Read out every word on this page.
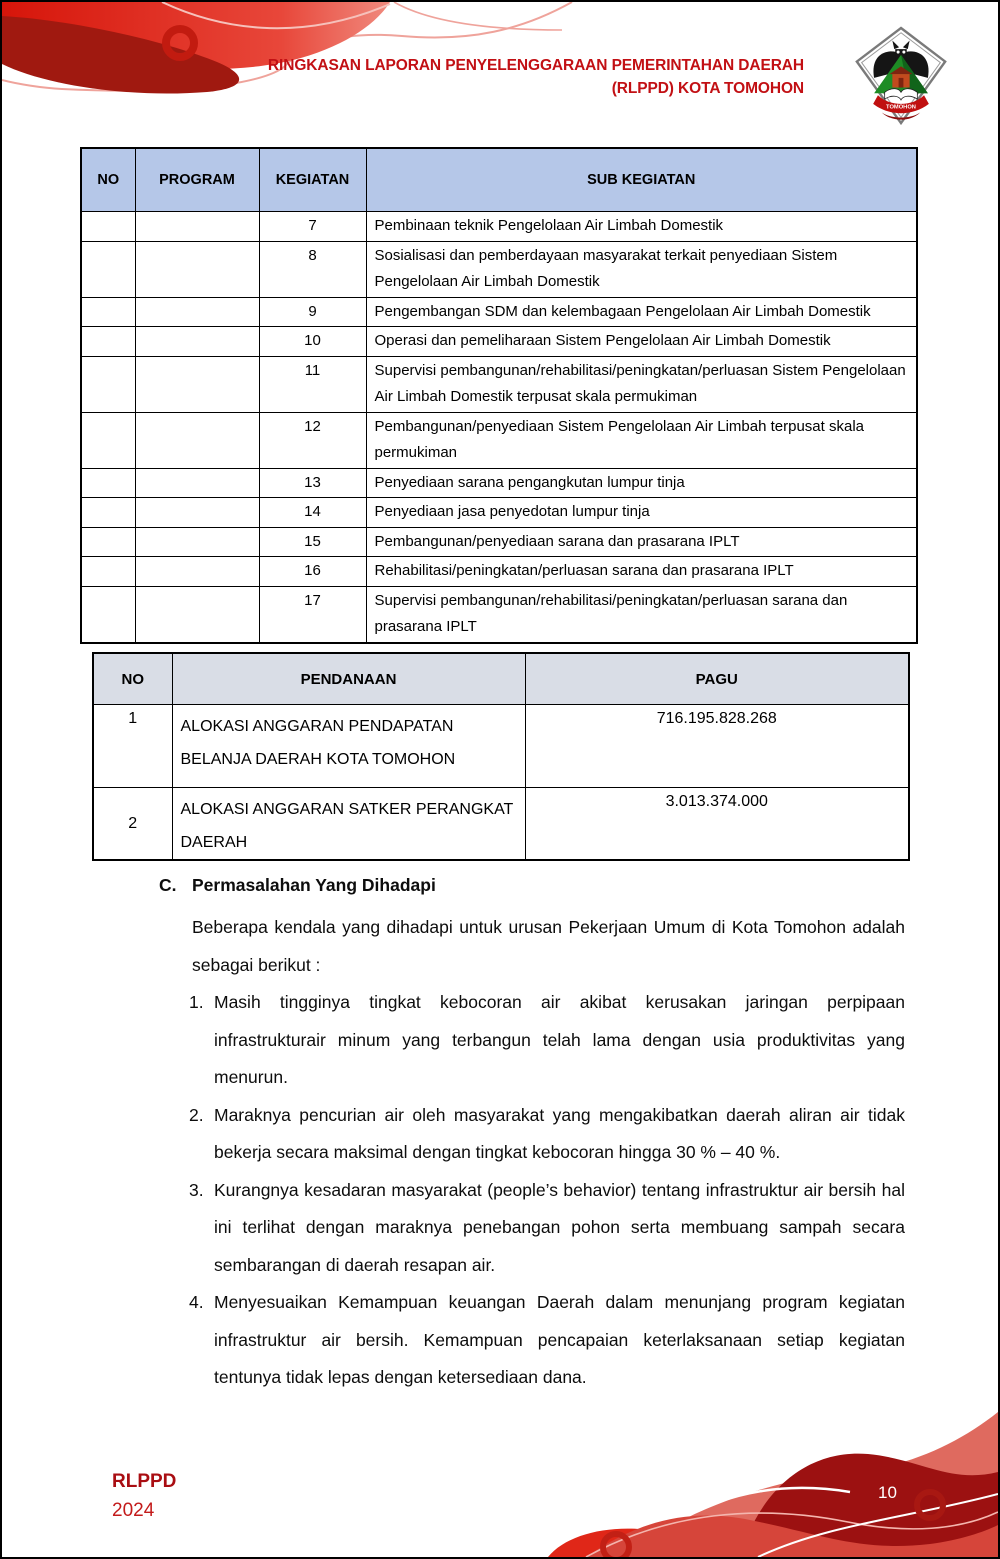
RINGKASAN LAPORAN PENYELENGGARAAN PEMERINTAHAN DAERAH
(RLPPD) KOTA TOMOHON
TOMOHON
NO	PROGRAM	KEGIATAN	SUB KEGIATAN
		7	Pembinaan teknik Pengelolaan Air Limbah Domestik
		8	Sosialisasi dan pemberdayaan masyarakat terkait penyediaan Sistem Pengelolaan Air Limbah Domestik
		9	Pengembangan SDM dan kelembagaan Pengelolaan Air Limbah Domestik
		10	Operasi dan pemeliharaan Sistem Pengelolaan Air Limbah Domestik
		11	Supervisi pembangunan/rehabilitasi/peningkatan/perluasan Sistem Pengelolaan Air Limbah Domestik terpusat skala permukiman
		12	Pembangunan/penyediaan Sistem Pengelolaan Air Limbah terpusat skala permukiman
		13	Penyediaan sarana pengangkutan lumpur tinja
		14	Penyediaan jasa penyedotan lumpur tinja
		15	Pembangunan/penyediaan sarana dan prasarana IPLT
		16	Rehabilitasi/peningkatan/perluasan sarana dan prasarana IPLT
		17	Supervisi pembangunan/rehabilitasi/peningkatan/perluasan sarana dan prasarana IPLT
NO	PENDANAAN	PAGU
1	ALOKASI ANGGARAN PENDAPATAN BELANJA DAERAH KOTA TOMOHON	716.195.828.268
2	ALOKASI ANGGARAN SATKER PERANGKAT DAERAH	3.013.374.000
C. Permasalahan Yang Dihadapi

Beberapa kendala yang dihadapi untuk urusan Pekerjaan Umum di Kota Tomohon adalah sebagai berikut :

1. Masih tingginya tingkat kebocoran air akibat kerusakan jaringan perpipaan infrastrukturair minum yang terbangun telah lama dengan usia produktivitas yang menurun.
2. Maraknya pencurian air oleh masyarakat yang mengakibatkan daerah aliran air tidak bekerja secara maksimal dengan tingkat kebocoran hingga 30 % – 40 %.
3. Kurangnya kesadaran masyarakat (people’s behavior) tentang infrastruktur air bersih hal ini terlihat dengan maraknya penebangan pohon serta membuang sampah secara sembarangan di daerah resapan air.
4. Menyesuaikan Kemampuan keuangan Daerah dalam menunjang program kegiatan infrastruktur air bersih. Kemampuan pencapaian keterlaksanaan setiap kegiatan tentunya tidak lepas dengan ketersediaan dana.
RLPPD
2024
10
